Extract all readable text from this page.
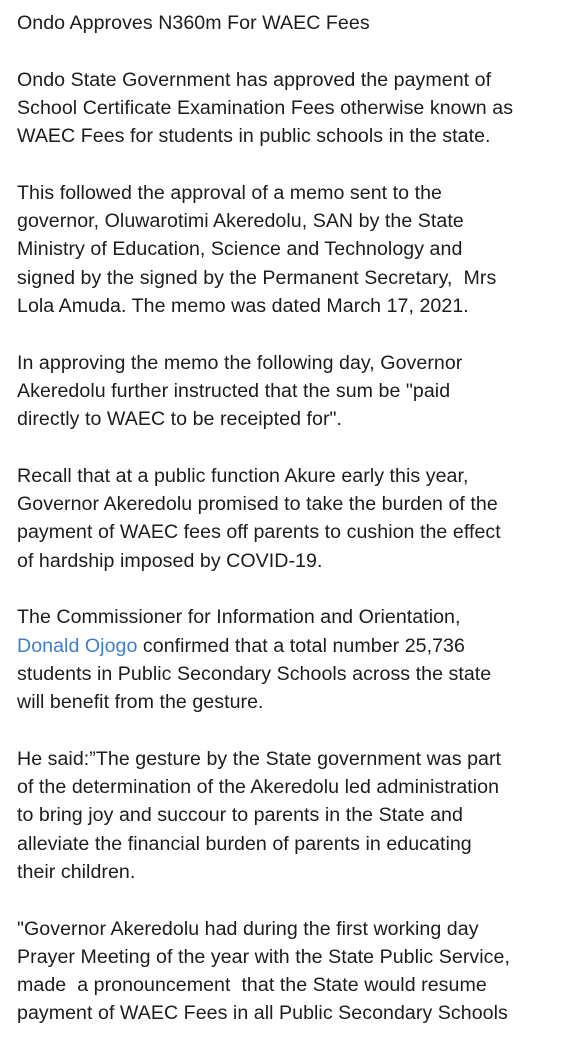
Ondo Approves N360m For WAEC Fees
Ondo State Government has approved the payment of
School Certificate Examination Fees otherwise known as
WAEC Fees for students in public schools in the state.
This followed the approval of a memo sent to the
governor, Oluwarotimi Akeredolu, SAN by the State
Ministry of Education, Science and Technology and
signed by the signed by the Permanent Secretary,  Mrs
Lola Amuda. The memo was dated March 17, 2021.
In approving the memo the following day, Governor
Akeredolu further instructed that the sum be "paid
directly to WAEC to be receipted for".
Recall that at a public function Akure early this year,
Governor Akeredolu promised to take the burden of the
payment of WAEC fees off parents to cushion the effect
of hardship imposed by COVID-19.
The Commissioner for Information and Orientation,
Donald Ojogo confirmed that a total number 25,736
students in Public Secondary Schools across the state
will benefit from the gesture.
He said:”The gesture by the State government was part
of the determination of the Akeredolu led administration
to bring joy and succour to parents in the State and
alleviate the financial burden of parents in educating
their children.
"Governor Akeredolu had during the first working day
Prayer Meeting of the year with the State Public Service,
made  a pronouncement  that the State would resume
payment of WAEC Fees in all Public Secondary Schools
